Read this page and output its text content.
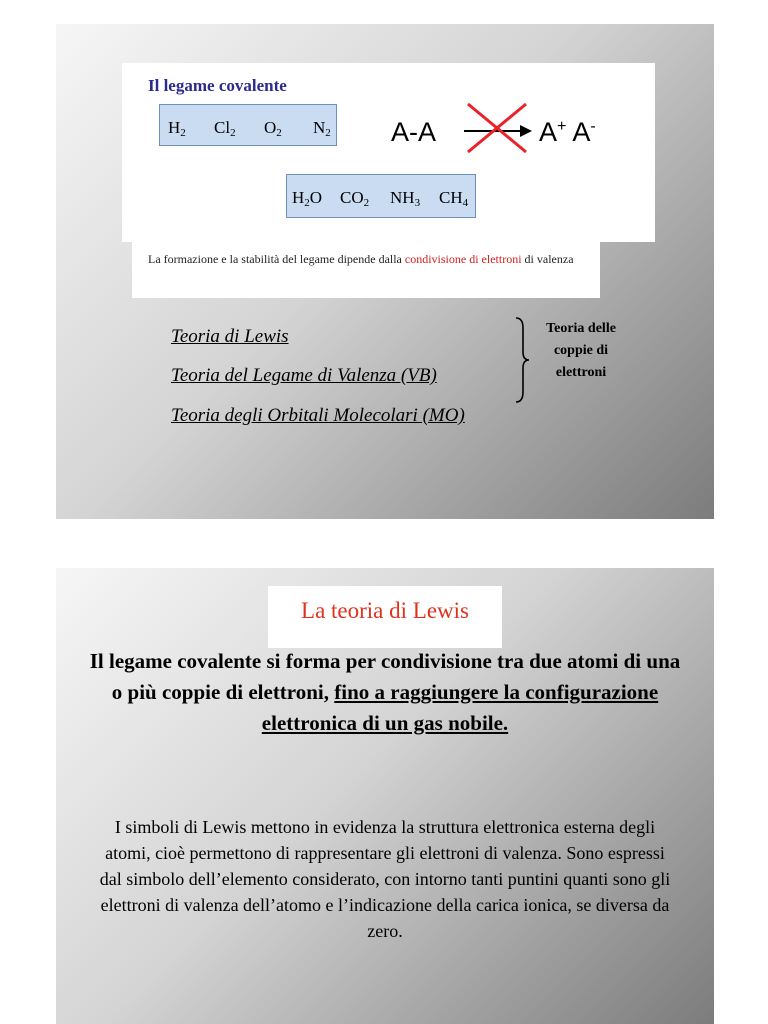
Il legame covalente
$H_2$ $Cl_2$ $O_2$ $N_2$
$H_2O$ $CO_2$ $NH_3$ $CH_4$
A-A	A+ A-
La formazione e la stabilità del legame dipende dalla condivisione di elettroni di valenza
Teoria di Lewis
Teoria del Legame di Valenza (VB)
Teoria degli Orbitali Molecolari (MO)
Teoria delle coppie di elettroni
La teoria di Lewis
Il legame covalente si forma per condivisione tra due atomi di una o più coppie di elettroni, fino a raggiungere la configurazione elettronica di un gas nobile.
I simboli di Lewis mettono in evidenza la struttura elettronica esterna degli atomi, cioè permettono di rappresentare gli elettroni di valenza. Sono espressi dal simbolo dell’elemento considerato, con intorno tanti puntini quanti sono gli elettroni di valenza dell’atomo e l’indicazione della carica ionica, se diversa da zero.
